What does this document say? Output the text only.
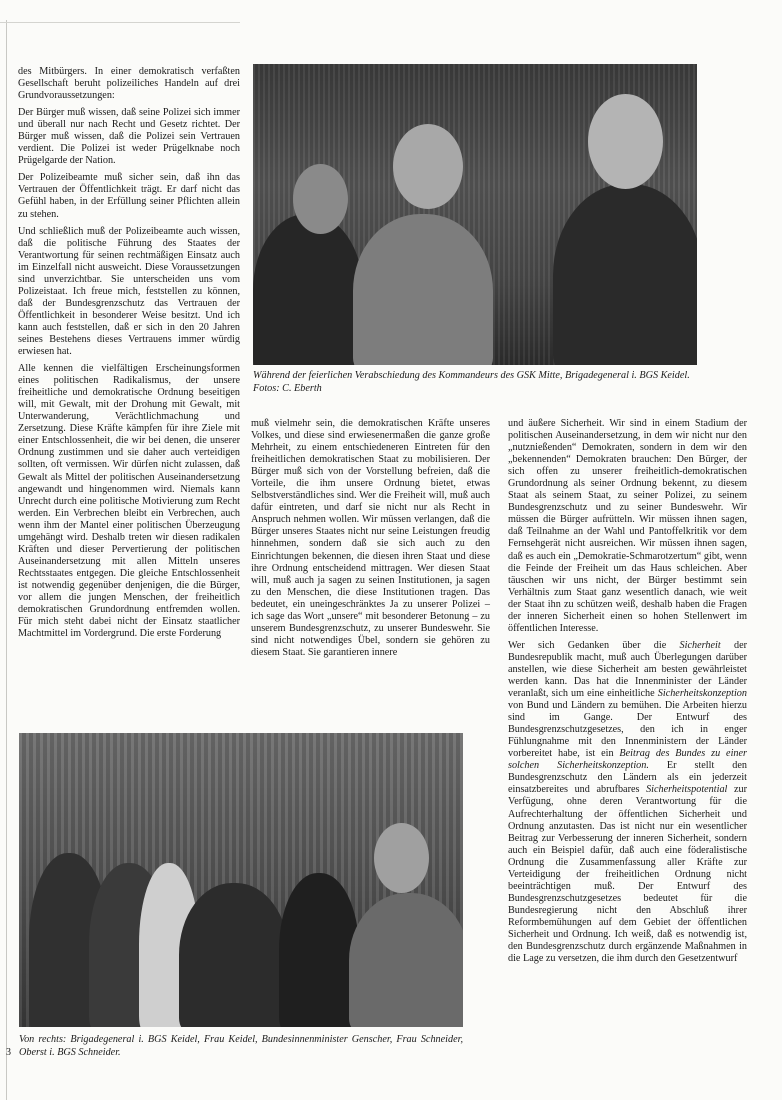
des Mitbürgers. In einer demokratisch verfaßten Gesellschaft beruht polizeiliches Handeln auf drei Grundvoraussetzungen:

Der Bürger muß wissen, daß seine Polizei sich immer und überall nur nach Recht und Gesetz richtet. Der Bürger muß wissen, daß die Polizei sein Vertrauen verdient. Die Polizei ist weder Prügelknabe noch Prügelgarde der Nation.

Der Polizeibeamte muß sicher sein, daß ihn das Vertrauen der Öffentlichkeit trägt. Er darf nicht das Gefühl haben, in der Erfüllung seiner Pflichten allein zu stehen.

Und schließlich muß der Polizeibeamte auch wissen, daß die politische Führung des Staates der Verantwortung für seinen rechtmäßigen Einsatz auch im Einzelfall nicht ausweicht. Diese Voraussetzungen sind unverzichtbar. Sie unterscheiden uns vom Polizeistaat. Ich freue mich, feststellen zu können, daß der Bundesgrenzschutz das Vertrauen der Öffentlichkeit in besonderer Weise besitzt. Und ich kann auch feststellen, daß er sich in den 20 Jahren seines Bestehens dieses Vertrauens immer würdig erwiesen hat.

Alle kennen die vielfältigen Erscheinungsformen eines politischen Radikalismus, der unsere freiheitliche und demokratische Ordnung beseitigen will, mit Gewalt, mit der Drohung mit Gewalt, mit Unterwanderung, Verächtlichmachung und Zersetzung. Diese Kräfte kämpfen für ihre Ziele mit einer Entschlossenheit, die wir bei denen, die unserer Ordnung zustimmen und sie daher auch verteidigen sollten, oft vermissen. Wir dürfen nicht zulassen, daß Gewalt als Mittel der politischen Auseinandersetzung angewandt und hingenommen wird. Niemals kann Unrecht durch eine politische Motivierung zum Recht werden. Ein Verbrechen bleibt ein Verbrechen, auch wenn ihm der Mantel einer politischen Überzeugung umgehängt wird. Deshalb treten wir diesen radikalen Kräften und dieser Pervertierung der politischen Auseinandersetzung mit allen Mitteln unseres Rechtsstaates entgegen. Die gleiche Entschlossenheit ist notwendig gegenüber denjenigen, die die Bürger, vor allem die jungen Menschen, der freiheitlich demokratischen Grundordnung entfremden wollen. Für mich steht dabei nicht der Einsatz staatlicher Machtmittel im Vordergrund. Die erste Forderung

Während der feierlichen Verabschiedung des Kommandeurs des GSK Mitte, Brigadegeneral i. BGS Keidel. Fotos: C. Eberth

muß vielmehr sein, die demokratischen Kräfte unseres Volkes, und diese sind erwiesenermaßen die ganze große Mehrheit, zu einem entschiedeneren Eintreten für den freiheitlichen demokratischen Staat zu mobilisieren. Der Bürger muß sich von der Vorstellung befreien, daß die Vorteile, die ihm unsere Ordnung bietet, etwas Selbstverständliches sind. Wer die Freiheit will, muß auch dafür eintreten, und darf sie nicht nur als Recht in Anspruch nehmen wollen. Wir müssen verlangen, daß die Bürger unseres Staates nicht nur seine Leistungen freudig hinnehmen, sondern daß sie sich auch zu den Einrichtungen bekennen, die diesen ihren Staat und diese ihre Ordnung entscheidend mittragen. Wer diesen Staat will, muß auch ja sagen zu seinen Institutionen, ja sagen zu den Menschen, die diese Institutionen tragen. Das bedeutet, ein uneingeschränktes Ja zu unserer Polizei – ich sage das Wort „unsere“ mit besonderer Betonung – zu unserem Bundesgrenzschutz, zu unserer Bundeswehr. Sie sind nicht notwendiges Übel, sondern sie gehören zu diesem Staat. Sie garantieren innere

und äußere Sicherheit. Wir sind in einem Stadium der politischen Auseinandersetzung, in dem wir nicht nur den „nutznießenden“ Demokraten, sondern in dem wir den „bekennenden“ Demokraten brauchen: Den Bürger, der sich offen zu unserer freiheitlich-demokratischen Grundordnung als seiner Ordnung bekennt, zu diesem Staat als seinem Staat, zu seiner Polizei, zu seinem Bundesgrenzschutz und zu seiner Bundeswehr. Wir müssen die Bürger aufrütteln. Wir müssen ihnen sagen, daß Teilnahme an der Wahl und Pantoffelkritik vor dem Fernsehgerät nicht ausreichen. Wir müssen ihnen sagen, daß es auch ein „Demokratie-Schmarotzertum“ gibt, wenn die Feinde der Freiheit um das Haus schleichen. Aber täuschen wir uns nicht, der Bürger bestimmt sein Verhältnis zum Staat ganz wesentlich danach, wie weit der Staat ihn zu schützen weiß, deshalb haben die Fragen der inneren Sicherheit einen so hohen Stellenwert im öffentlichen Interesse.

Wer sich Gedanken über die Sicherheit der Bundesrepublik macht, muß auch Überlegungen darüber anstellen, wie diese Sicherheit am besten gewährleistet werden kann. Das hat die Innenminister der Länder veranlaßt, sich um eine einheitliche Sicherheitskonzeption von Bund und Ländern zu bemühen. Die Arbeiten hierzu sind im Gange. Der Entwurf des Bundesgrenzschutzgesetzes, den ich in enger Fühlungnahme mit den Innenministern der Länder vorbereitet habe, ist ein Beitrag des Bundes zu einer solchen Sicherheitskonzeption. Er stellt den Bundesgrenzschutz den Ländern als ein jederzeit einsatzbereites und abrufbares Sicherheitspotential zur Verfügung, ohne deren Verantwortung für die Aufrechterhaltung der öffentlichen Sicherheit und Ordnung anzutasten. Das ist nicht nur ein wesentlicher Beitrag zur Verbesserung der inneren Sicherheit, sondern auch ein Beispiel dafür, daß auch eine föderalistische Ordnung die Zusammenfassung aller Kräfte zur Verteidigung der freiheitlichen Ordnung nicht beeinträchtigen muß. Der Entwurf des Bundesgrenzschutzgesetzes bedeutet für die Bundesregierung nicht den Abschluß ihrer Reformbemühungen auf dem Gebiet der öffentlichen Sicherheit und Ordnung. Ich weiß, daß es notwendig ist, den Bundesgrenzschutz durch ergänzende Maßnahmen in die Lage zu versetzen, die ihm durch den Gesetzentwurf

Von rechts: Brigadegeneral i. BGS Keidel, Frau Keidel, Bundesinnenminister Genscher, Frau Schneider, Oberst i. BGS Schneider.
3
